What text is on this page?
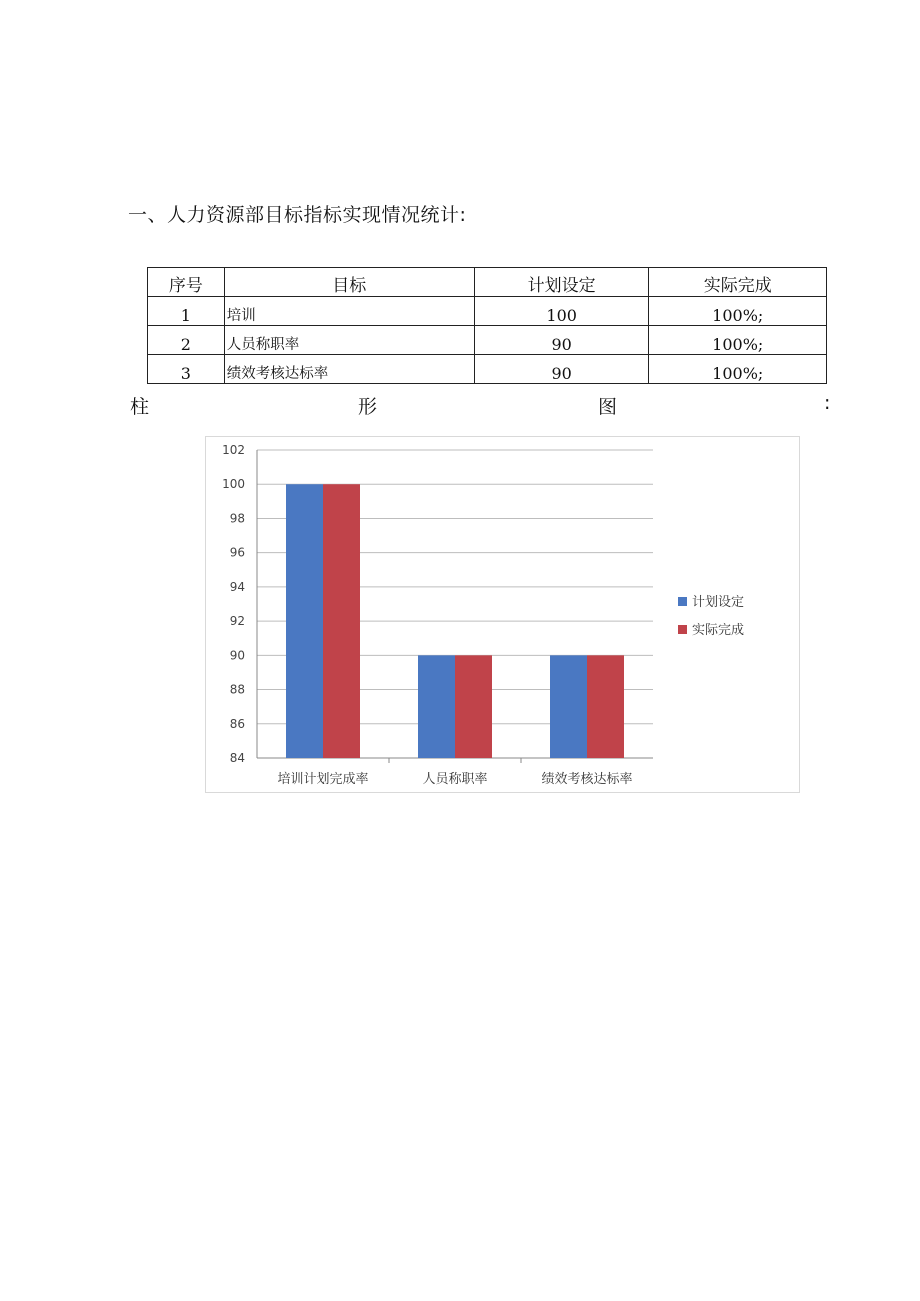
一、人力资源部目标指标实现情况统计:
序号	目标	计划设定	实际完成
1	培训	100	100%;
2	人员称职率	90	100%;
3	绩效考核达标率	90	100%;
柱	形	图	:
84
86
88
90
92
94
96
98
100
102
培训计划完成率	人员称职率	绩效考核达标率
计划设定
实际完成
